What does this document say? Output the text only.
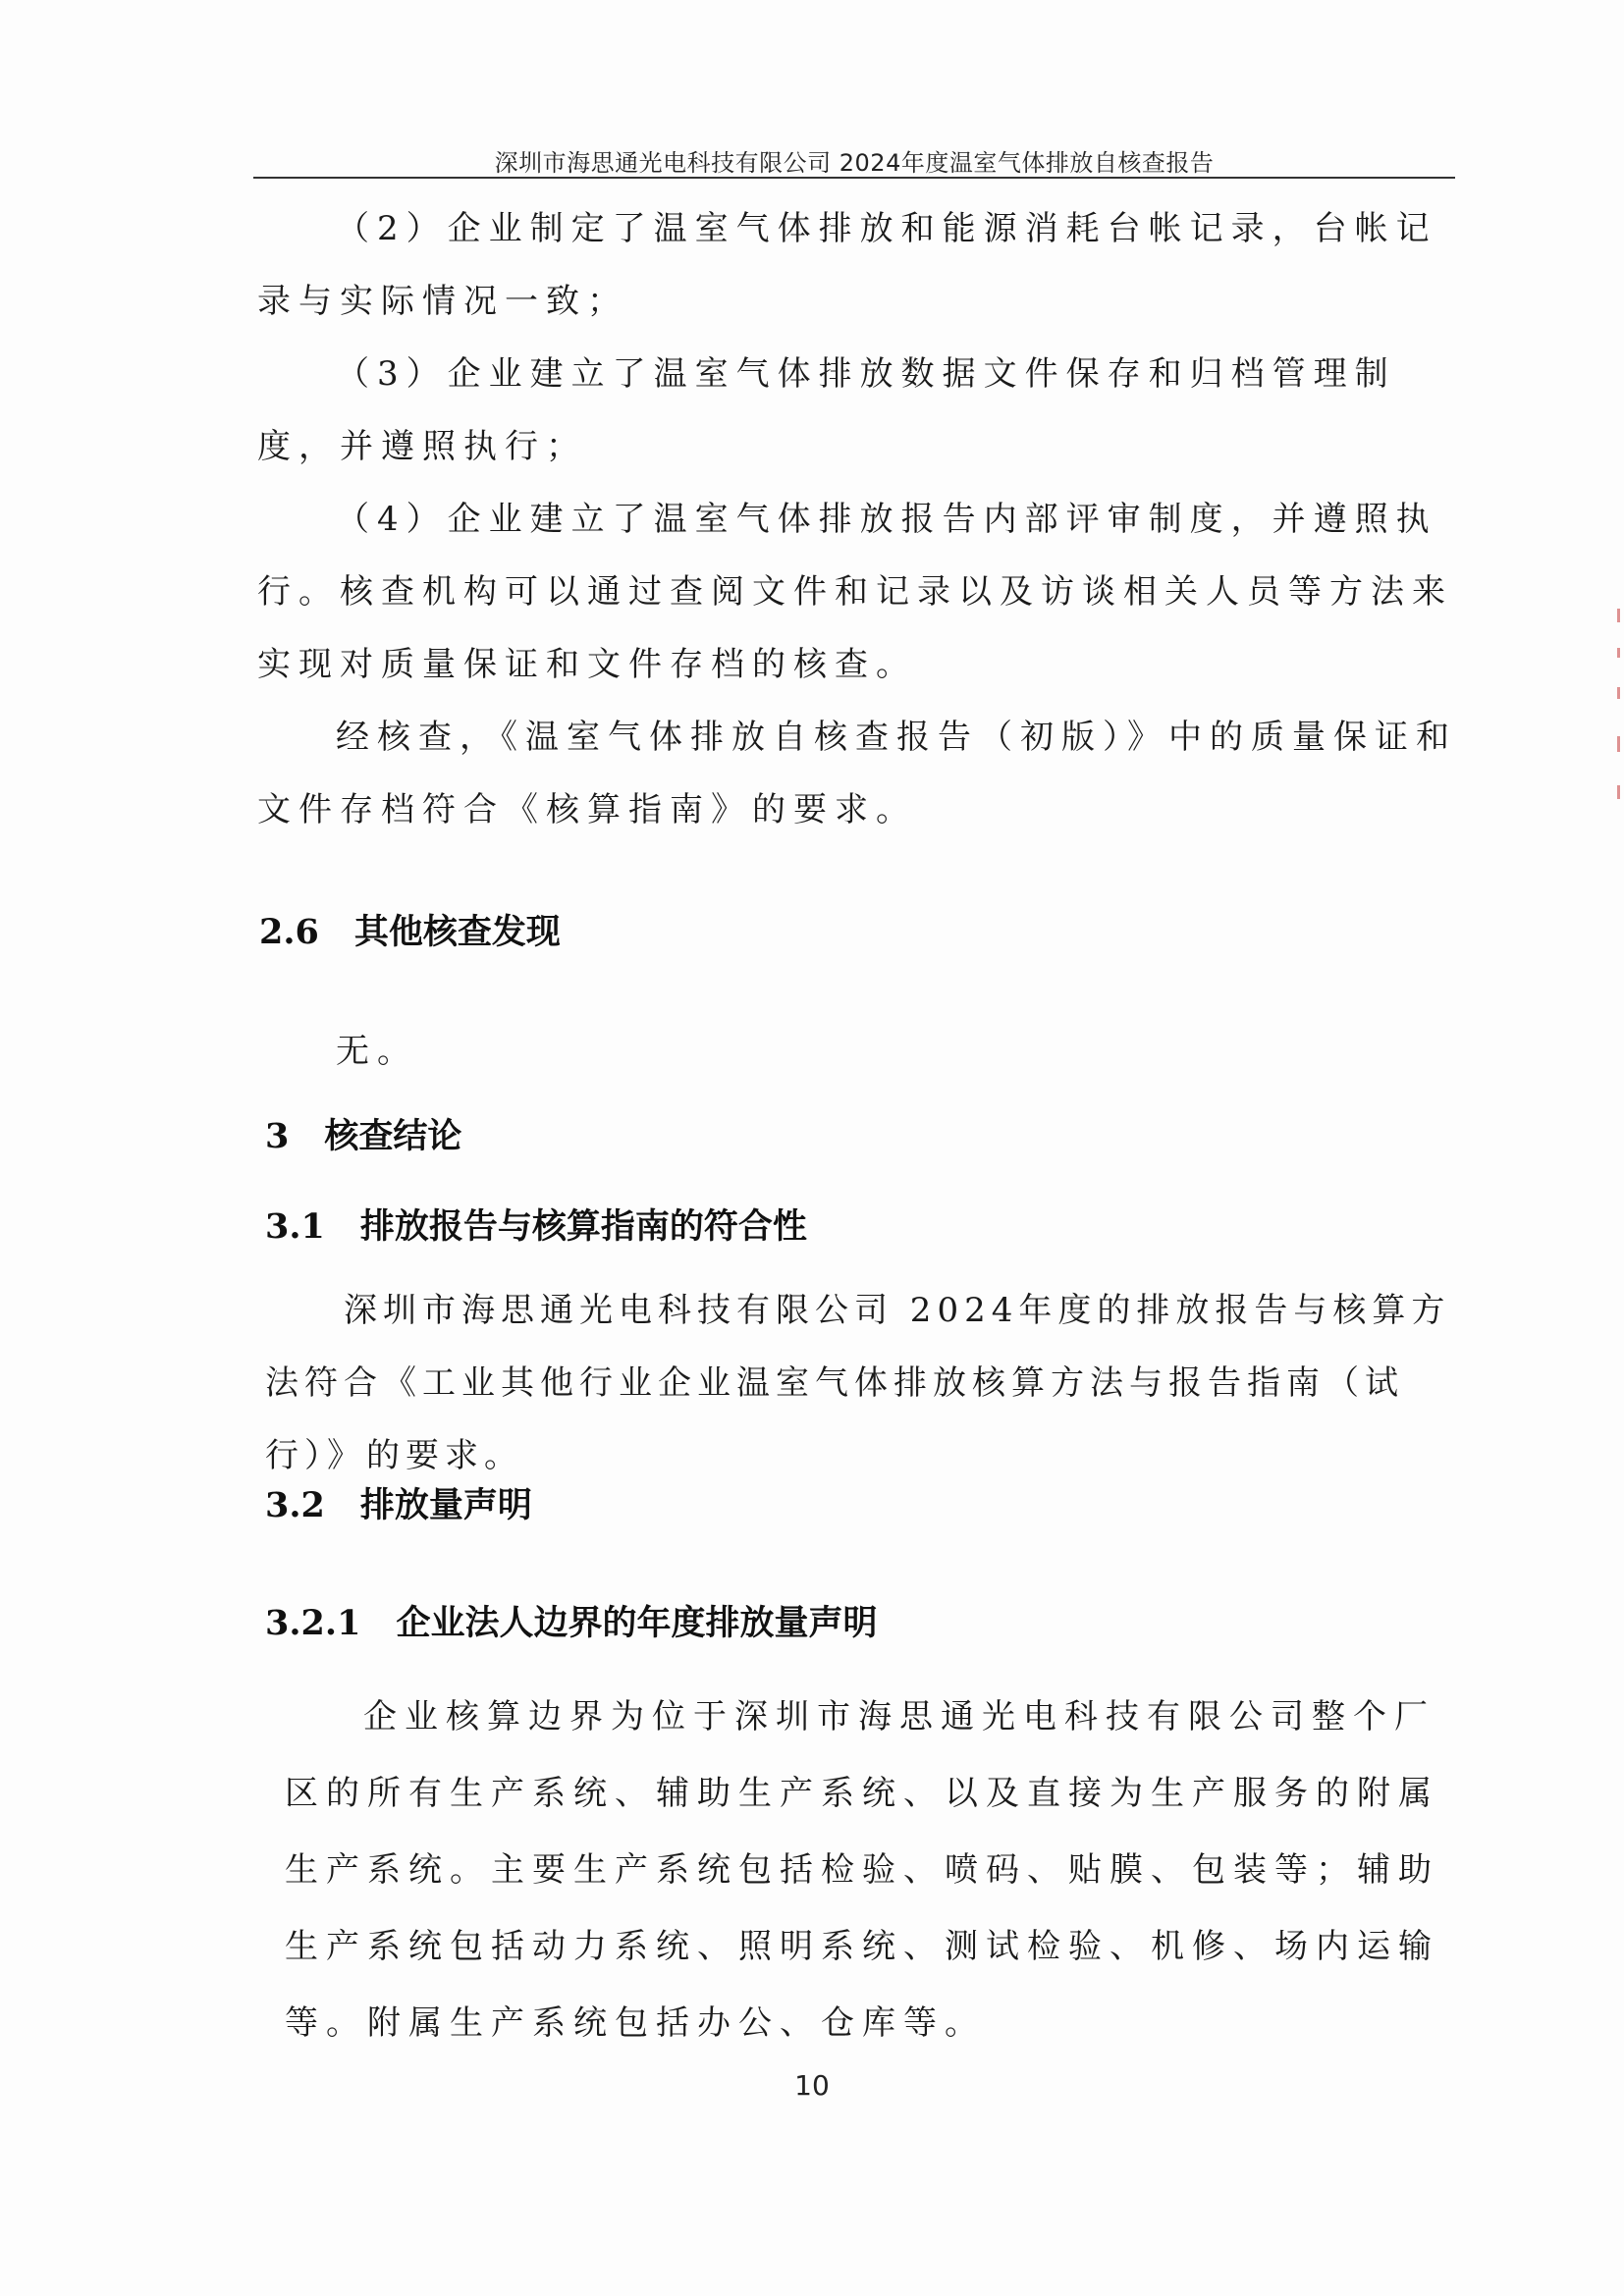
深圳市海思通光电科技有限公司 2024年度温室气体排放自核查报告

（2）企业制定了温室气体排放和能源消耗台帐记录，台帐记录与实际情况一致；

（3）企业建立了温室气体排放数据文件保存和归档管理制度，并遵照执行；

（4）企业建立了温室气体排放报告内部评审制度，并遵照执行。核查机构可以通过查阅文件和记录以及访谈相关人员等方法来实现对质量保证和文件存档的核查。

经核查，《温室气体排放自核查报告（初版）》中的质量保证和文件存档符合《核算指南》的要求。

2.6 其他核查发现

无。

3 核查结论
3.1 排放报告与核算指南的符合性

深圳市海思通光电科技有限公司 2024年度的排放报告与核算方法符合《工业其他行业企业温室气体排放核算方法与报告指南（试行）》的要求。

3.2 排放量声明
3.2.1 企业法人边界的年度排放量声明

企业核算边界为位于深圳市海思通光电科技有限公司整个厂区的所有生产系统、辅助生产系统、以及直接为生产服务的附属生产系统。主要生产系统包括检验、喷码、贴膜、包装等；辅助生产系统包括动力系统、照明系统、测试检验、机修、场内运输等。附属生产系统包括办公、仓库等。

10
